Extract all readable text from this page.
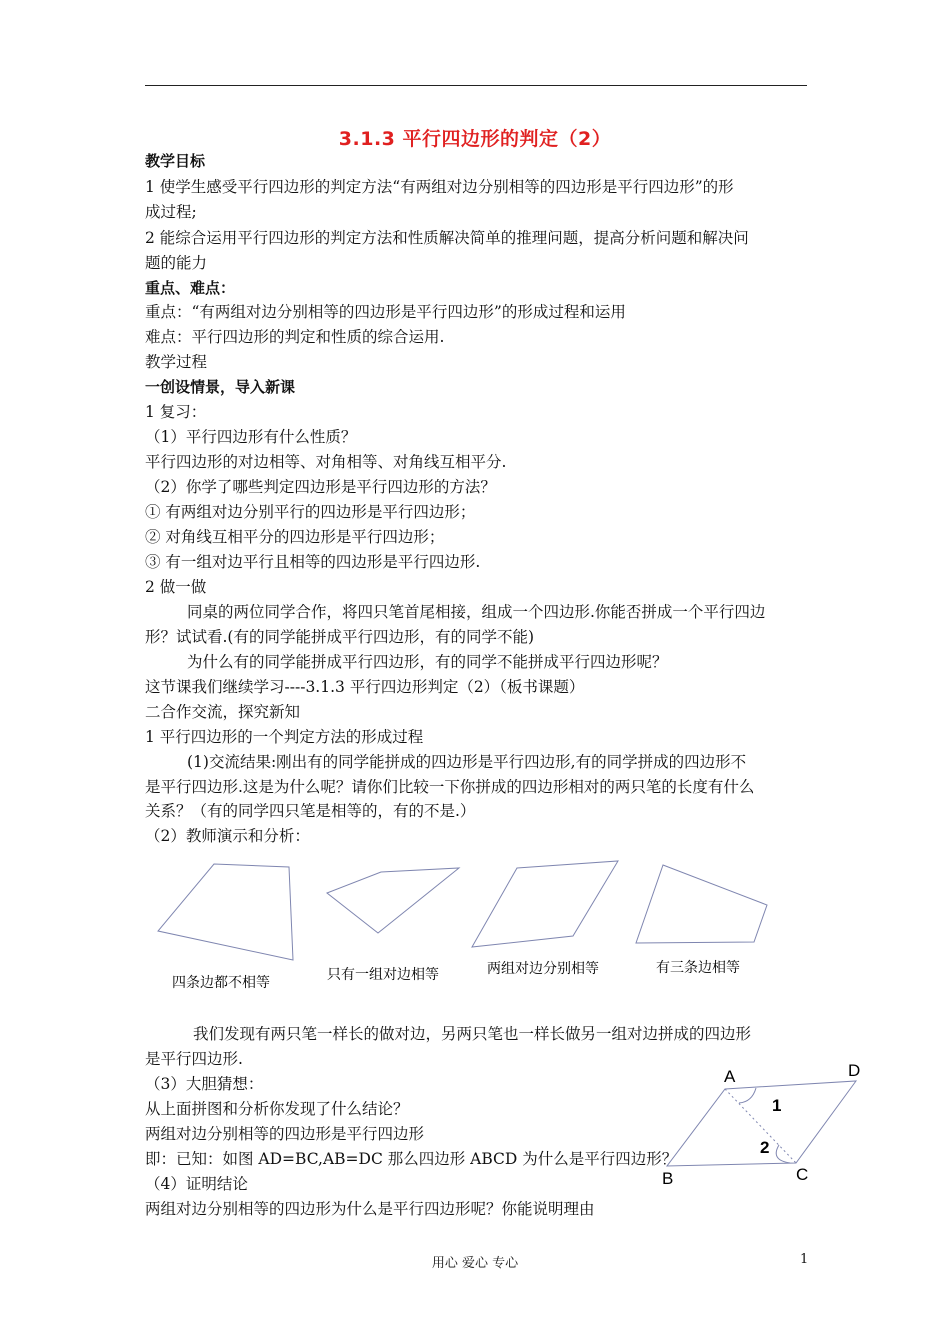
3.1.3 平行四边形的判定（2）
教学目标
1 使学生感受平行四边形的判定方法“有两组对边分别相等的四边形是平行四边形”的形
成过程;
2 能综合运用平行四边形的判定方法和性质解决简单的推理问题，提高分析问题和解决问
题的能力
重点、难点：
重点：“有两组对边分别相等的四边形是平行四边形”的形成过程和运用
难点：平行四边形的判定和性质的综合运用.
教学过程
一创设情景，导入新课
1 复习：
（1）平行四边形有什么性质？
平行四边形的对边相等、对角相等、对角线互相平分.
（2）你学了哪些判定四边形是平行四边形的方法？
① 有两组对边分别平行的四边形是平行四边形；
② 对角线互相平分的四边形是平行四边形；
③ 有一组对边平行且相等的四边形是平行四边形.
2 做一做
同桌的两位同学合作，将四只笔首尾相接，组成一个四边形.你能否拼成一个平行四边
形？试试看.(有的同学能拼成平行四边形，有的同学不能)
为什么有的同学能拼成平行四边形，有的同学不能拼成平行四边形呢？
这节课我们继续学习----3.1.3 平行四边形判定（2）（板书课题）
二合作交流，探究新知
1 平行四边形的一个判定方法的形成过程
(1)交流结果:刚出有的同学能拼成的四边形是平行四边形,有的同学拼成的四边形不
是平行四边形.这是为什么呢？请你们比较一下你拼成的四边形相对的两只笔的长度有什么
关系？（有的同学四只笔是相等的，有的不是.）
（2）教师演示和分析：
我们发现有两只笔一样长的做对边，另两只笔也一样长做另一组对边拼成的四边形
是平行四边形.
（3）大胆猜想：
从上面拼图和分析你发现了什么结论？
两组对边分别相等的四边形是平行四边形
即：已知：如图 AD=BC,AB=DC 那么四边形 ABCD 为什么是平行四边形？
（4）证明结论
两组对边分别相等的四边形为什么是平行四边形呢？你能说明理由
四条边都不相等	只有一组对边相等	两组对边分别相等	有三条边相等
A	D
B	C
1
2
用心 爱心 专心	1
